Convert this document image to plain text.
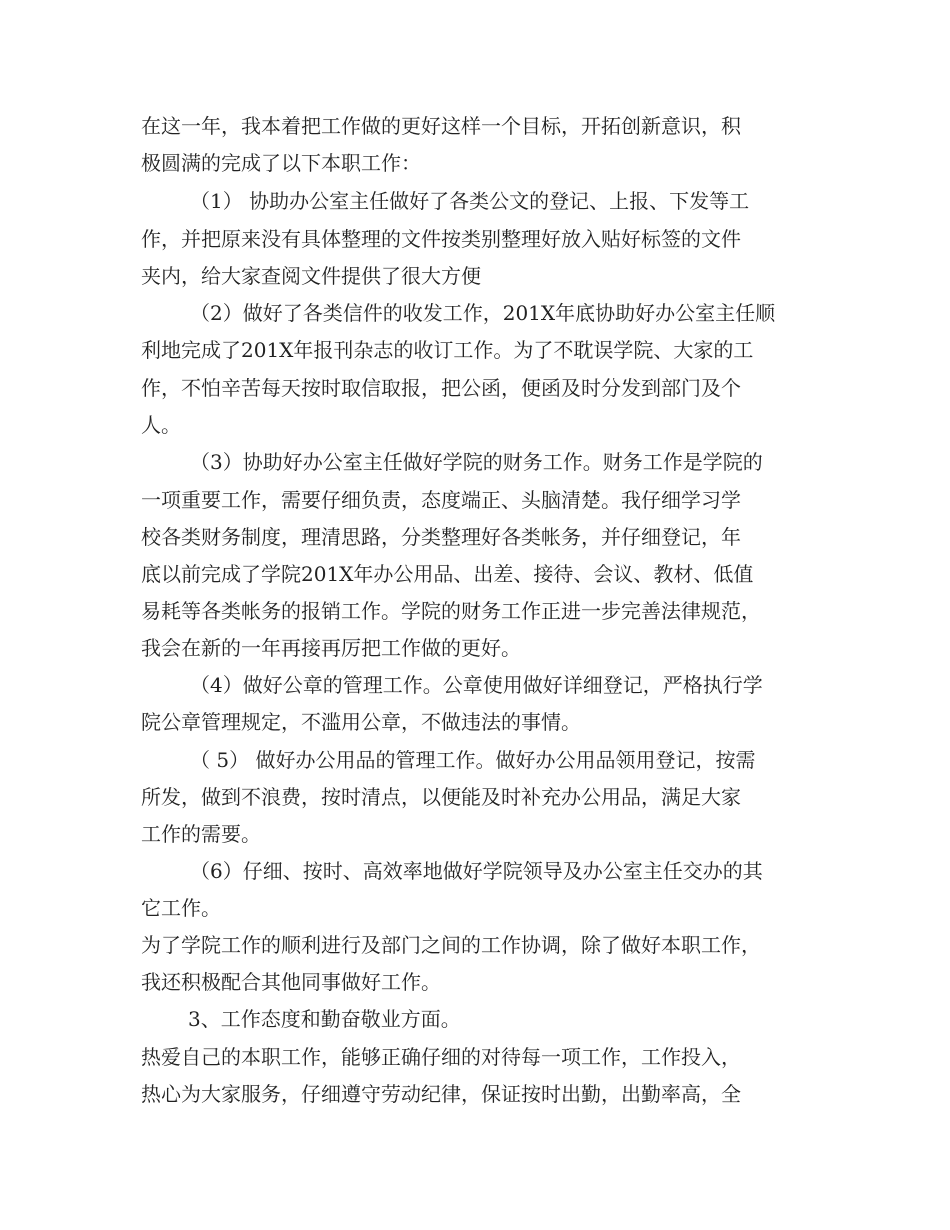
在这一年，我本着把工作做的更好这样一个目标，开拓创新意识，积
极圆满的完成了以下本职工作：
（1） 协助办公室主任做好了各类公文的登记、上报、下发等工
作，并把原来没有具体整理的文件按类别整理好放入贴好标签的文件
夹内，给大家查阅文件提供了很大方便
（2）做好了各类信件的收发工作，201X年底协助好办公室主任顺
利地完成了201X年报刊杂志的收订工作。为了不耽误学院、大家的工
作，不怕辛苦每天按时取信取报，把公函，便函及时分发到部门及个
人。
（3）协助好办公室主任做好学院的财务工作。财务工作是学院的
一项重要工作，需要仔细负责，态度端正、头脑清楚。我仔细学习学
校各类财务制度，理清思路，分类整理好各类帐务，并仔细登记，年
底以前完成了学院201X年办公用品、出差、接待、会议、教材、低值
易耗等各类帐务的报销工作。学院的财务工作正进一步完善法律规范，
我会在新的一年再接再厉把工作做的更好。
（4）做好公章的管理工作。公章使用做好详细登记，严格执行学
院公章管理规定，不滥用公章，不做违法的事情。
（ 5） 做好办公用品的管理工作。做好办公用品领用登记，按需
所发，做到不浪费，按时清点，以便能及时补充办公用品，满足大家
工作的需要。
（6）仔细、按时、高效率地做好学院领导及办公室主任交办的其
它工作。
为了学院工作的顺利进行及部门之间的工作协调，除了做好本职工作，
我还积极配合其他同事做好工作。
3、工作态度和勤奋敬业方面。
热爱自己的本职工作，能够正确仔细的对待每一项工作，工作投入，
热心为大家服务，仔细遵守劳动纪律，保证按时出勤，出勤率高，全
